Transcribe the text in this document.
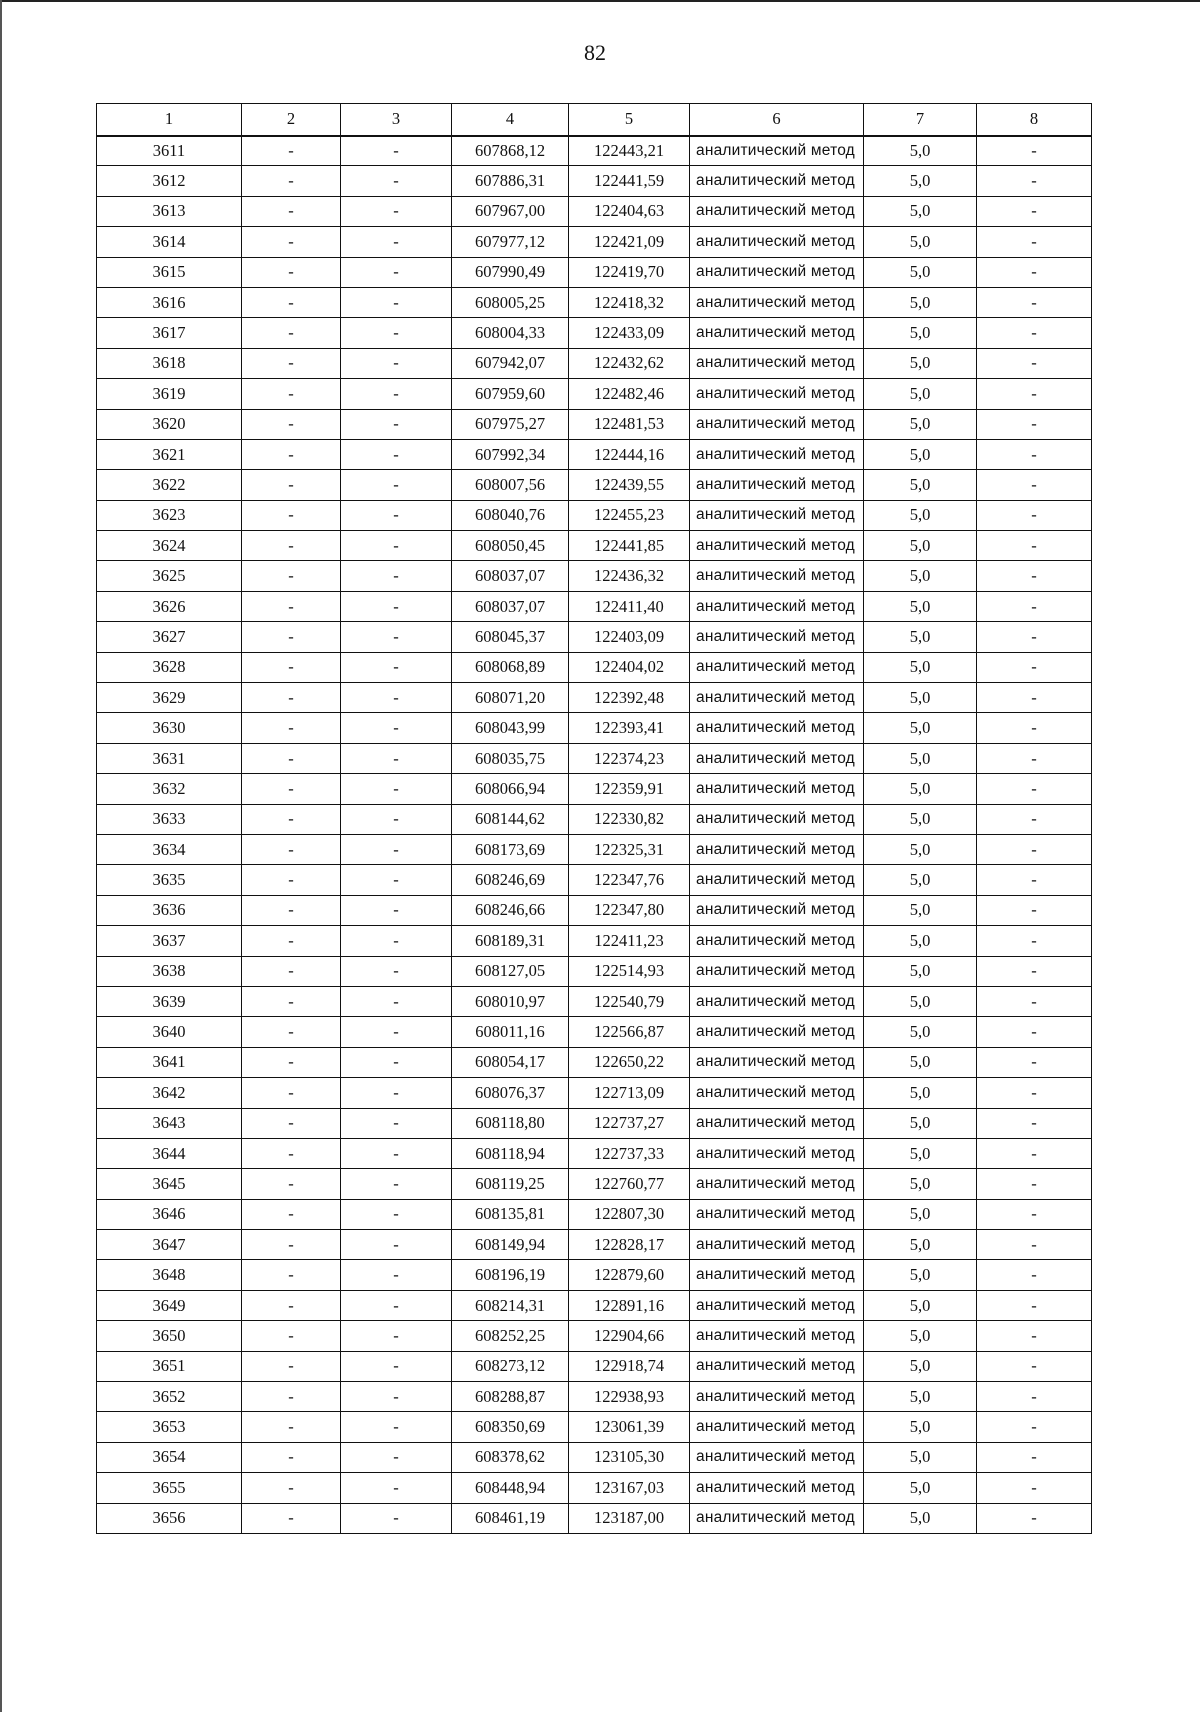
82
1	2	3	4	5	6	7	8
3611	-	-	607868,12	122443,21	аналитический метод	5,0	-
3612	-	-	607886,31	122441,59	аналитический метод	5,0	-
3613	-	-	607967,00	122404,63	аналитический метод	5,0	-
3614	-	-	607977,12	122421,09	аналитический метод	5,0	-
3615	-	-	607990,49	122419,70	аналитический метод	5,0	-
3616	-	-	608005,25	122418,32	аналитический метод	5,0	-
3617	-	-	608004,33	122433,09	аналитический метод	5,0	-
3618	-	-	607942,07	122432,62	аналитический метод	5,0	-
3619	-	-	607959,60	122482,46	аналитический метод	5,0	-
3620	-	-	607975,27	122481,53	аналитический метод	5,0	-
3621	-	-	607992,34	122444,16	аналитический метод	5,0	-
3622	-	-	608007,56	122439,55	аналитический метод	5,0	-
3623	-	-	608040,76	122455,23	аналитический метод	5,0	-
3624	-	-	608050,45	122441,85	аналитический метод	5,0	-
3625	-	-	608037,07	122436,32	аналитический метод	5,0	-
3626	-	-	608037,07	122411,40	аналитический метод	5,0	-
3627	-	-	608045,37	122403,09	аналитический метод	5,0	-
3628	-	-	608068,89	122404,02	аналитический метод	5,0	-
3629	-	-	608071,20	122392,48	аналитический метод	5,0	-
3630	-	-	608043,99	122393,41	аналитический метод	5,0	-
3631	-	-	608035,75	122374,23	аналитический метод	5,0	-
3632	-	-	608066,94	122359,91	аналитический метод	5,0	-
3633	-	-	608144,62	122330,82	аналитический метод	5,0	-
3634	-	-	608173,69	122325,31	аналитический метод	5,0	-
3635	-	-	608246,69	122347,76	аналитический метод	5,0	-
3636	-	-	608246,66	122347,80	аналитический метод	5,0	-
3637	-	-	608189,31	122411,23	аналитический метод	5,0	-
3638	-	-	608127,05	122514,93	аналитический метод	5,0	-
3639	-	-	608010,97	122540,79	аналитический метод	5,0	-
3640	-	-	608011,16	122566,87	аналитический метод	5,0	-
3641	-	-	608054,17	122650,22	аналитический метод	5,0	-
3642	-	-	608076,37	122713,09	аналитический метод	5,0	-
3643	-	-	608118,80	122737,27	аналитический метод	5,0	-
3644	-	-	608118,94	122737,33	аналитический метод	5,0	-
3645	-	-	608119,25	122760,77	аналитический метод	5,0	-
3646	-	-	608135,81	122807,30	аналитический метод	5,0	-
3647	-	-	608149,94	122828,17	аналитический метод	5,0	-
3648	-	-	608196,19	122879,60	аналитический метод	5,0	-
3649	-	-	608214,31	122891,16	аналитический метод	5,0	-
3650	-	-	608252,25	122904,66	аналитический метод	5,0	-
3651	-	-	608273,12	122918,74	аналитический метод	5,0	-
3652	-	-	608288,87	122938,93	аналитический метод	5,0	-
3653	-	-	608350,69	123061,39	аналитический метод	5,0	-
3654	-	-	608378,62	123105,30	аналитический метод	5,0	-
3655	-	-	608448,94	123167,03	аналитический метод	5,0	-
3656	-	-	608461,19	123187,00	аналитический метод	5,0	-
